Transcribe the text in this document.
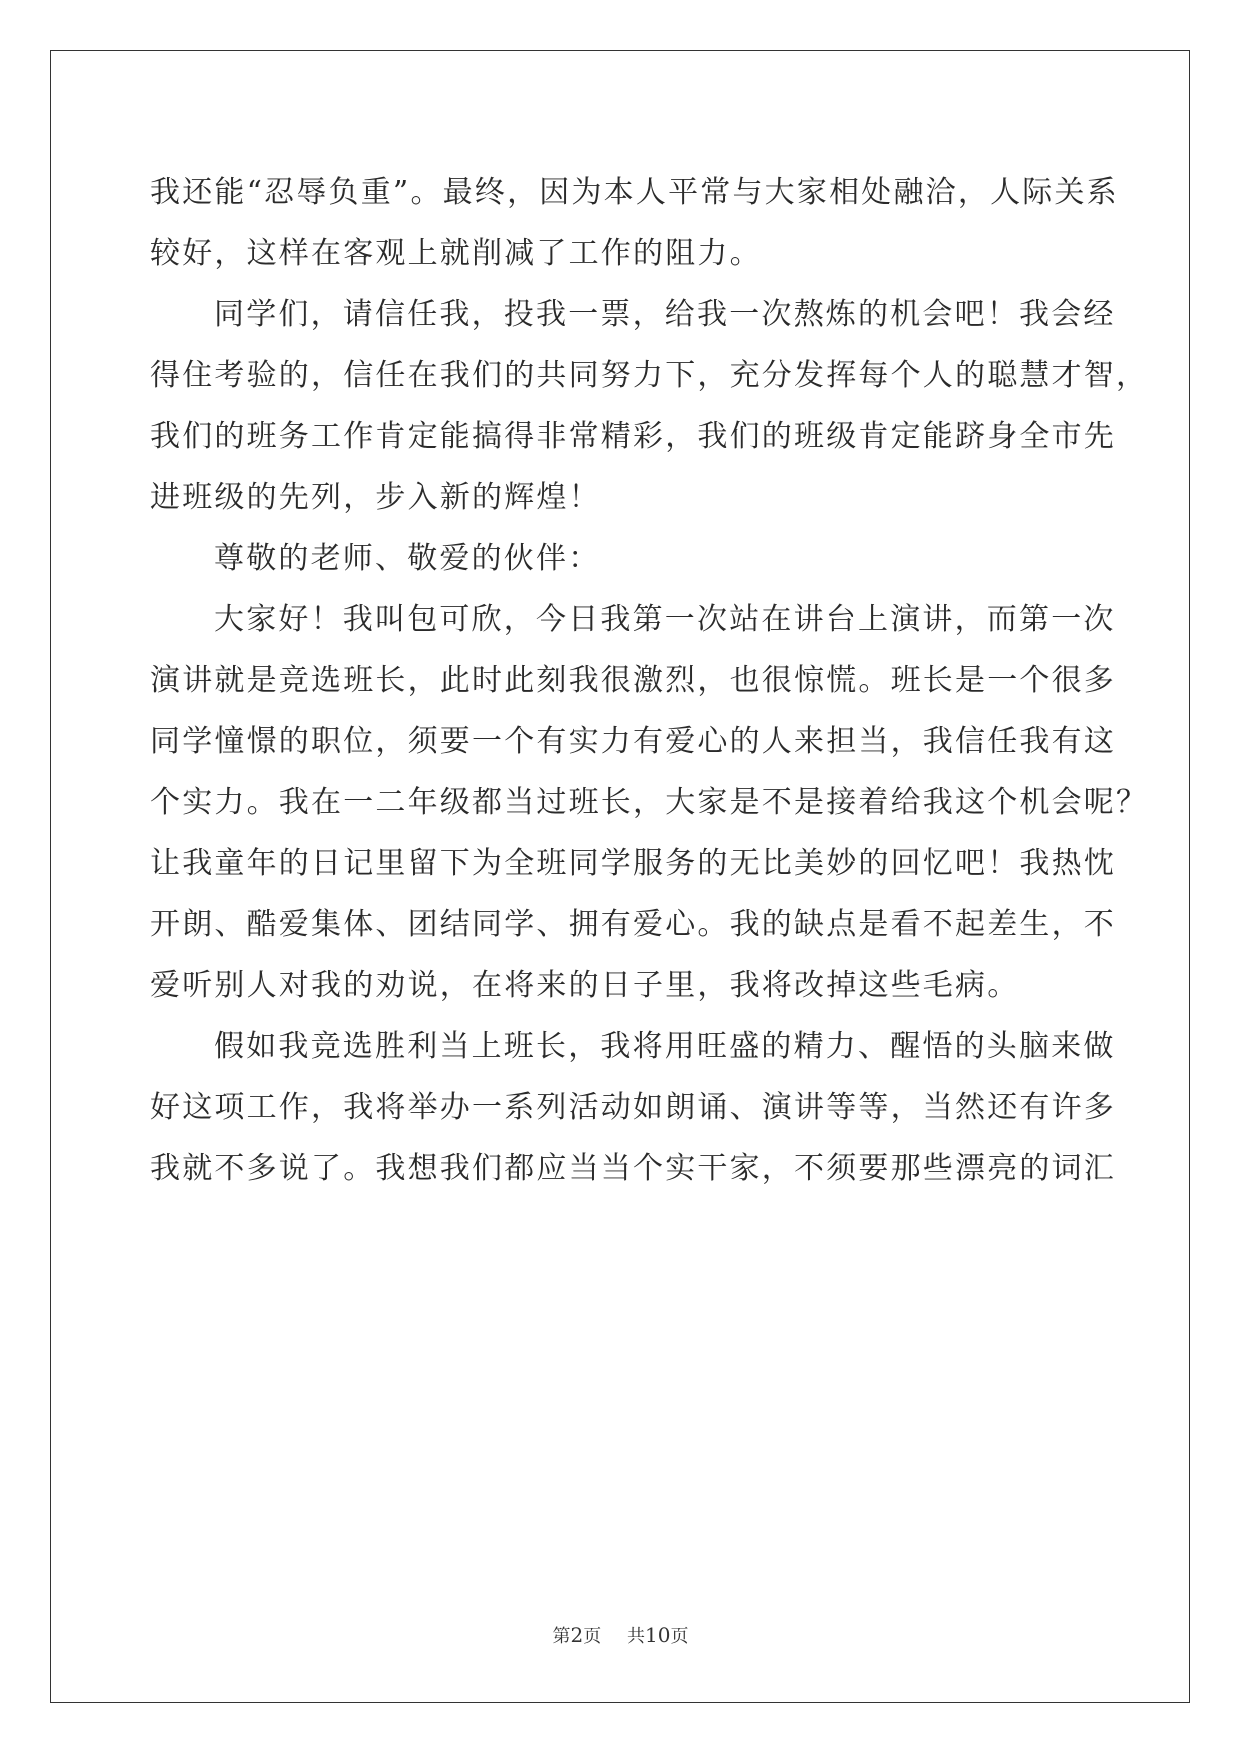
我还能“忍辱负重”。最终，因为本人平常与大家相处融洽，人际关系
较好，这样在客观上就削减了工作的阻力。
同学们，请信任我，投我一票，给我一次熬炼的机会吧！我会经
得住考验的，信任在我们的共同努力下，充分发挥每个人的聪慧才智，
我们的班务工作肯定能搞得非常精彩，我们的班级肯定能跻身全市先
进班级的先列，步入新的辉煌！
尊敬的老师、敬爱的伙伴：
大家好！我叫包可欣，今日我第一次站在讲台上演讲，而第一次
演讲就是竞选班长，此时此刻我很激烈，也很惊慌。班长是一个很多
同学憧憬的职位，须要一个有实力有爱心的人来担当，我信任我有这
个实力。我在一二年级都当过班长，大家是不是接着给我这个机会呢？
让我童年的日记里留下为全班同学服务的无比美妙的回忆吧！我热忱
开朗、酷爱集体、团结同学、拥有爱心。我的缺点是看不起差生，不
爱听别人对我的劝说，在将来的日子里，我将改掉这些毛病。
假如我竞选胜利当上班长，我将用旺盛的精力、醒悟的头脑来做
好这项工作，我将举办一系列活动如朗诵、演讲等等，当然还有许多
我就不多说了。我想我们都应当当个实干家，不须要那些漂亮的词汇
第2页 共10页
